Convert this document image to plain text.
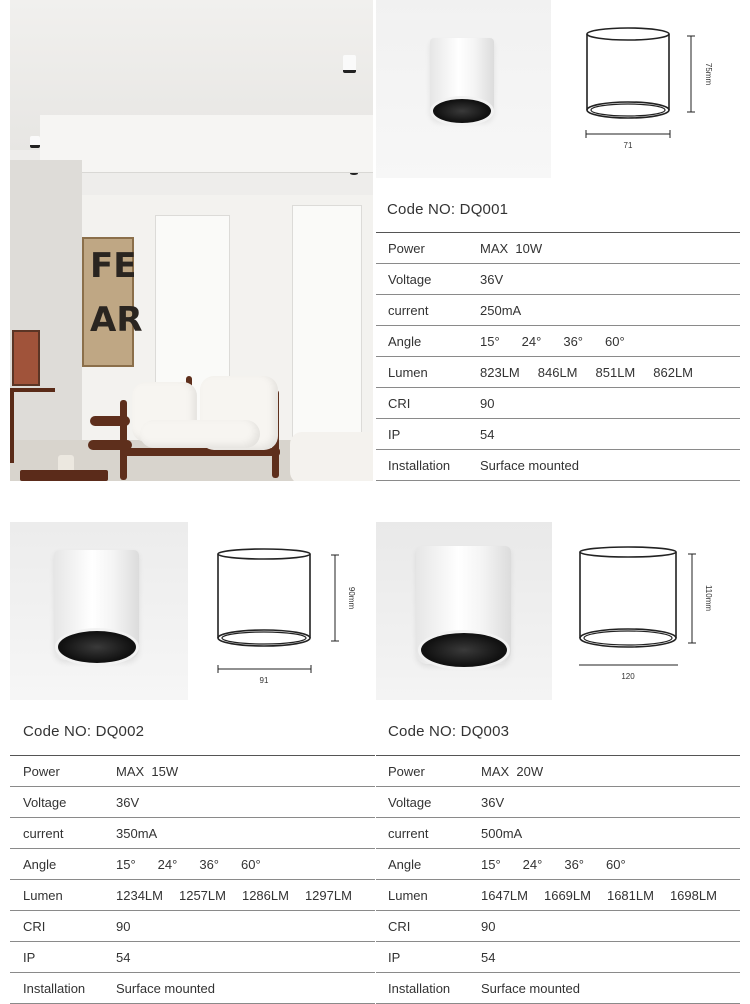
FE
AR
75mm
71
Code NO: DQ001
Power	MAX  10W
Voltage	36V
current	250mA
Angle	15° 24° 36° 60°
Lumen	823LM 846LM 851LM 862LM
CRI	90
IP	54
Installation Surface mounted
90mm
91
Code NO: DQ002
Power	MAX  15W
Voltage	36V
current	350mA
Angle	15° 24° 36° 60°
Lumen	1234LM 1257LM 1286LM 1297LM
CRI	90
IP	54
Installation Surface mounted
110mm
120
Code NO: DQ003
Power	MAX  20W
Voltage	36V
current	500mA
Angle	15° 24° 36° 60°
Lumen	1647LM 1669LM 1681LM 1698LM
CRI	90
IP	54
Installation Surface mounted
